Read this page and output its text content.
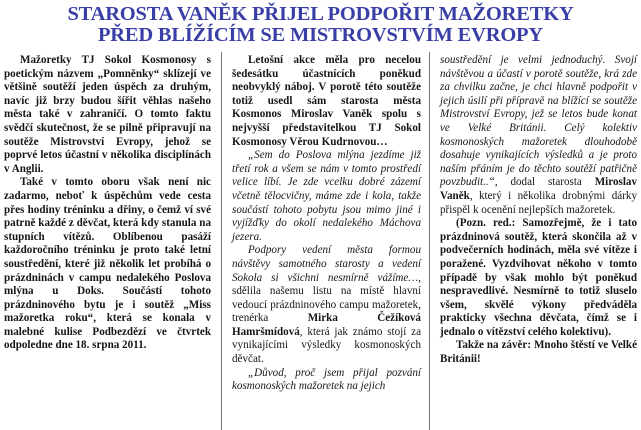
STAROSTA VANĚK PŘIJEL PODPOŘIT MAŽORETKY
PŘED BLÍŽÍCÍM SE MISTROVSTVÍM EVROPY

Mažoretky TJ Sokol Kosmonosy s poetickým názvem „Pomněnky“ sklízejí ve většině soutěží jeden úspěch za druhým, navíc již brzy budou šířit věhlas našeho města také v zahraničí. O tomto faktu svědčí skutečnost, že se pilně připravují na soutěže Mistrovství Evropy, jehož se poprvé letos účastní v několika disciplínách v Anglii.

Také v tomto oboru však není nic zadarmo, neboť k úspěchům vede cesta přes hodiny tréninku a dřiny, o čemž ví své patrně každé z děvčat, která kdy stanula na stupních vítězů. Oblíbenou pasáží každoročního tréninku je proto také letní soustředění, které již několik let probíhá o prázdninách v campu nedalekého Poslova mlýna u Doks. Součástí tohoto prázdninového bytu je i soutěž „Miss mažoretka roku“, která se konala v malebné kulise Podbezdězí ve čtvrtek odpoledne dne 18. srpna 2011.

Letošní akce měla pro necelou šedesátku účastnících poněkud neobvyklý náboj. V porotě této soutěže totiž usedl sám starosta města Kosmonos Miroslav Vaněk spolu s nejvyšší představitelkou TJ Sokol Kosmonosy Věrou Kudrnovou…

„Sem do Poslova mlýna jezdíme již třetí rok a všem se nám v tomto prostředí velice líbí. Je zde vcelku dobré zázemí včetně tělocvičny, máme zde i kola, takže součástí tohoto pobytu jsou mimo jiné i vyjížďky do okolí nedalekého Máchova jezera.

Podpory vedení města formou návštěvy samotného starosty a vedení Sokola si všichni nesmírně vážíme…, sdělila našemu listu na místě hlavní vedoucí prázdninového campu mažoretek, trenérka	Mirka Čežíková Hamršmídová, která jak známo stojí za vynikajícími výsledky kosmonoských děvčat.

„Důvod, proč jsem přijal pozvání kosmonoských mažoretek na jejich

soustředění je velmi jednoduchý. Svojí návštěvou a účastí v porotě soutěže, krá zde za chvilku začne, je chci hlavně podpořit v jejich úsilí při přípravě na blížící se soutěže Mistrovství Evropy, jež se letos bude konat ve Velké Británii. Celý kolektiv kosmonoských mažoretek dlouhodobě dosahuje vynikajících výsledků a je proto naším přáním je do těchto soutěží patřičně povzbudit..“, dodal starosta Miroslav Vaněk, který i několika drobnými dárky přispěl k ocenění nejlepších mažoretek.

(Pozn. red.: Samozřejmě, že i tato prázdninová soutěž, která skončila až v podvečerních hodinách, měla své vítěze i poražené. Vyzdvihovat někoho v tomto případě by však mohlo být poněkud nespravedlivé. Nesmírně to totiž sluselo všem, skvělé výkony předváděla prakticky všechna děvčata, čímž se i jednalo o vítězství celého kolektivu).

Takže na závěr: Mnoho štěstí ve Velké Británii!
